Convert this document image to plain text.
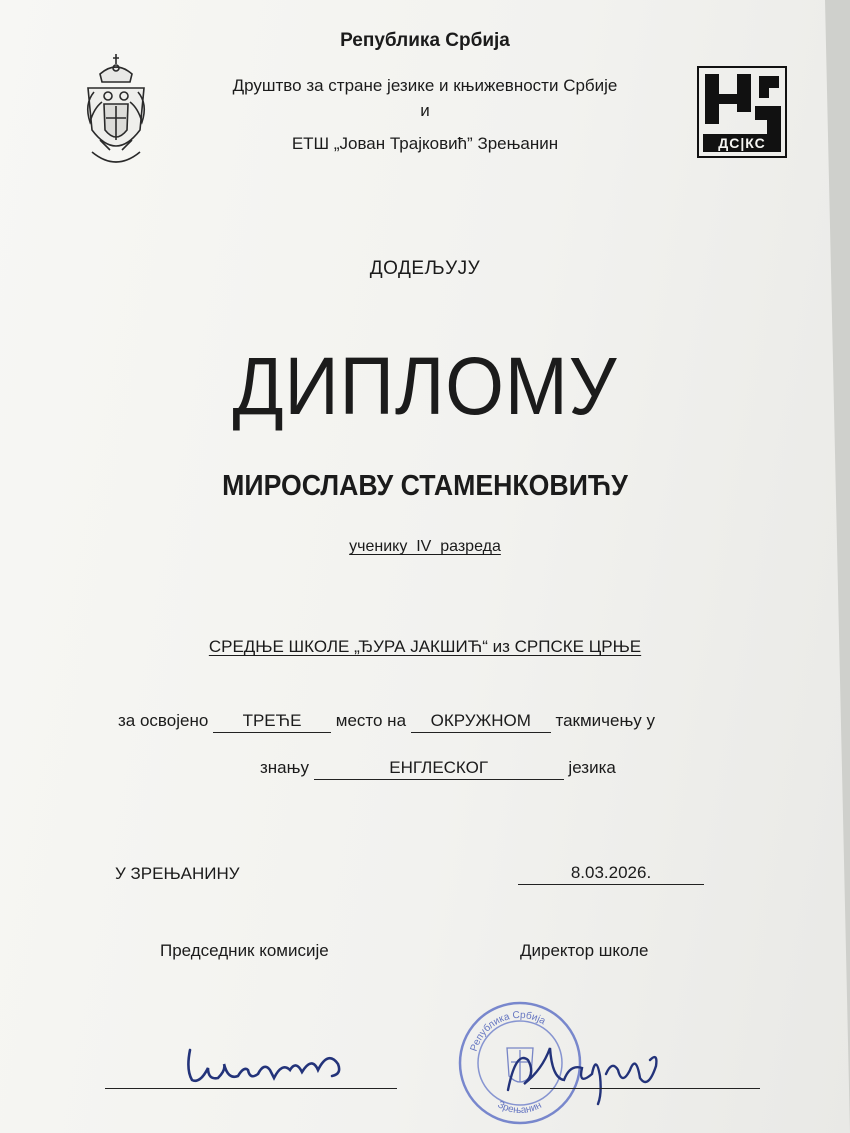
ДС|КС
Република Србија
Друштво за стране језике и књижевности Србије
и
ЕТШ „Јован Трајковић” Зрењанин
ДОДЕЉУЈУ
ДИПЛОМУ
МИРОСЛАВУ СТАМЕНКОВИЋУ
ученику  IV  разреда
СРЕДЊЕ ШКОЛЕ „ЂУРА ЈАКШИЋ“ из СРПСКЕ ЦРЊЕ
за освојено ТРЕЋЕ место на ОКРУЖНОМ такмичењу у
знању	ЕНГЛЕСКОГ	језика
У ЗРЕЊАНИНУ	8.03.2026.
Председник комисије	Директор школе
Република Србија
Зрењанин
